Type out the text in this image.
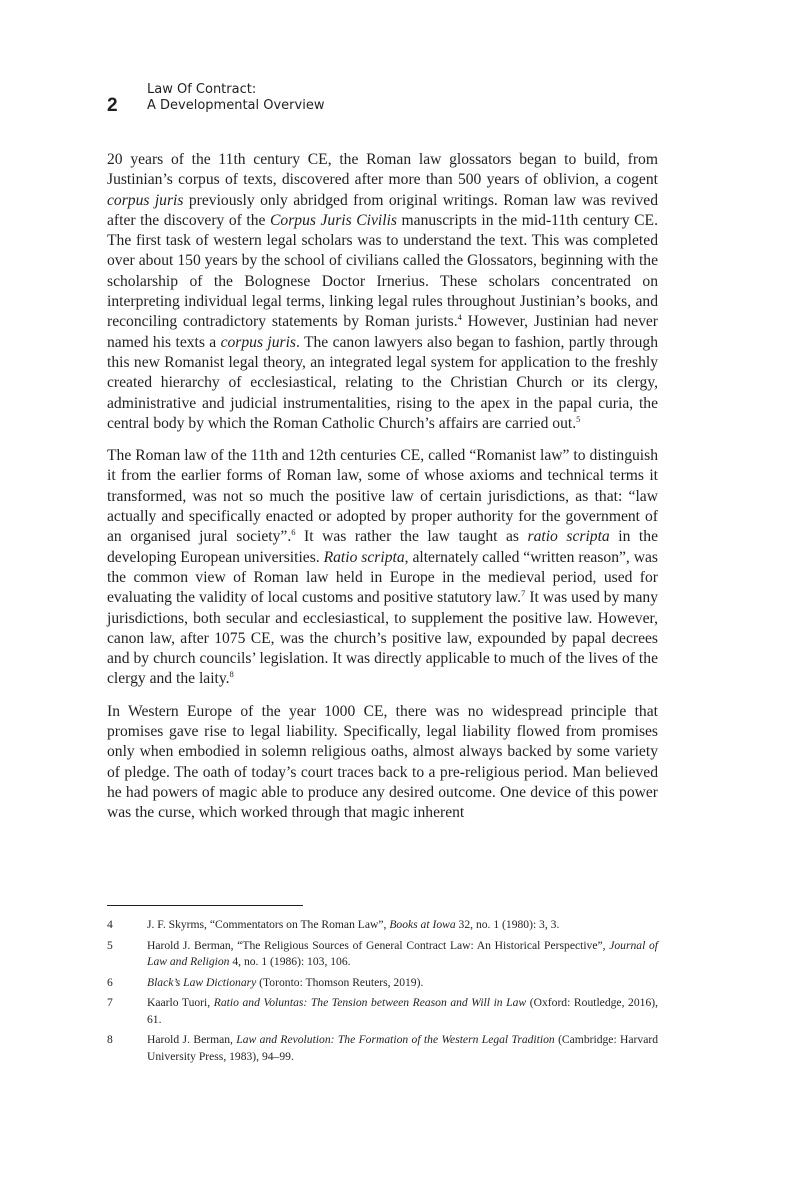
2
Law Of Contract:
A Developmental Overview

20 years of the 11th century CE, the Roman law glossators began to build, from Justinian’s corpus of texts, discovered after more than 500 years of oblivion, a cogent corpus juris previously only abridged from original writings. Roman law was revived after the discovery of the Corpus Juris Civilis manuscripts in the mid-11th century CE. The first task of western legal scholars was to understand the text. This was completed over about 150 years by the school of civilians called the Glossators, beginning with the scholarship of the Bolognese Doctor Irnerius. These scholars concentrated on interpreting individual legal terms, linking legal rules throughout Justinian’s books, and reconciling contradictory statements by Roman jurists.$^4$ However, Justinian had never named his texts a corpus juris. The canon lawyers also began to fashion, partly through this new Romanist legal theory, an integrated legal system for application to the freshly created hierarchy of ecclesiastical, relating to the Christian Church or its clergy, administrative and judicial instrumentalities, rising to the apex in the papal curia, the central body by which the Roman Catholic Church’s affairs are carried out.$^5$

The Roman law of the 11th and 12th centuries CE, called “Romanist law” to distinguish it from the earlier forms of Roman law, some of whose axioms and technical terms it transformed, was not so much the positive law of certain jurisdictions, as that: “law actually and specifically enacted or adopted by proper authority for the government of an organised jural society”.$^6$ It was rather the law taught as ratio scripta in the developing European universities. Ratio scripta, alternately called “written reason”, was the common view of Roman law held in Europe in the medieval period, used for evaluating the validity of local customs and positive statutory law.$^7$ It was used by many jurisdictions, both secular and ecclesiastical, to supplement the positive law. However, canon law, after 1075 CE, was the church’s positive law, expounded by papal decrees and by church councils’ legislation. It was directly applicable to much of the lives of the clergy and the laity.$^8$

In Western Europe of the year 1000 CE, there was no widespread principle that promises gave rise to legal liability. Specifically, legal liability flowed from promises only when embodied in solemn religious oaths, almost always backed by some variety of pledge. The oath of today’s court traces back to a pre-religious period. Man believed he had powers of magic able to produce any desired outcome. One device of this power was the curse, which worked through that magic inherent

4	J. F. Skyrms, “Commentators on The Roman Law”, Books at Iowa 32, no. 1 (1980): 3, 3.
5	Harold J. Berman, “The Religious Sources of General Contract Law: An Historical Perspective”, Journal of Law and Religion 4, no. 1 (1986): 103, 106.
6	Black’s Law Dictionary (Toronto: Thomson Reuters, 2019).
7	Kaarlo Tuori, Ratio and Voluntas: The Tension between Reason and Will in Law (Oxford: Routledge, 2016), 61.
8	Harold J. Berman, Law and Revolution: The Formation of the Western Legal Tradition (Cambridge: Harvard University Press, 1983), 94–99.
